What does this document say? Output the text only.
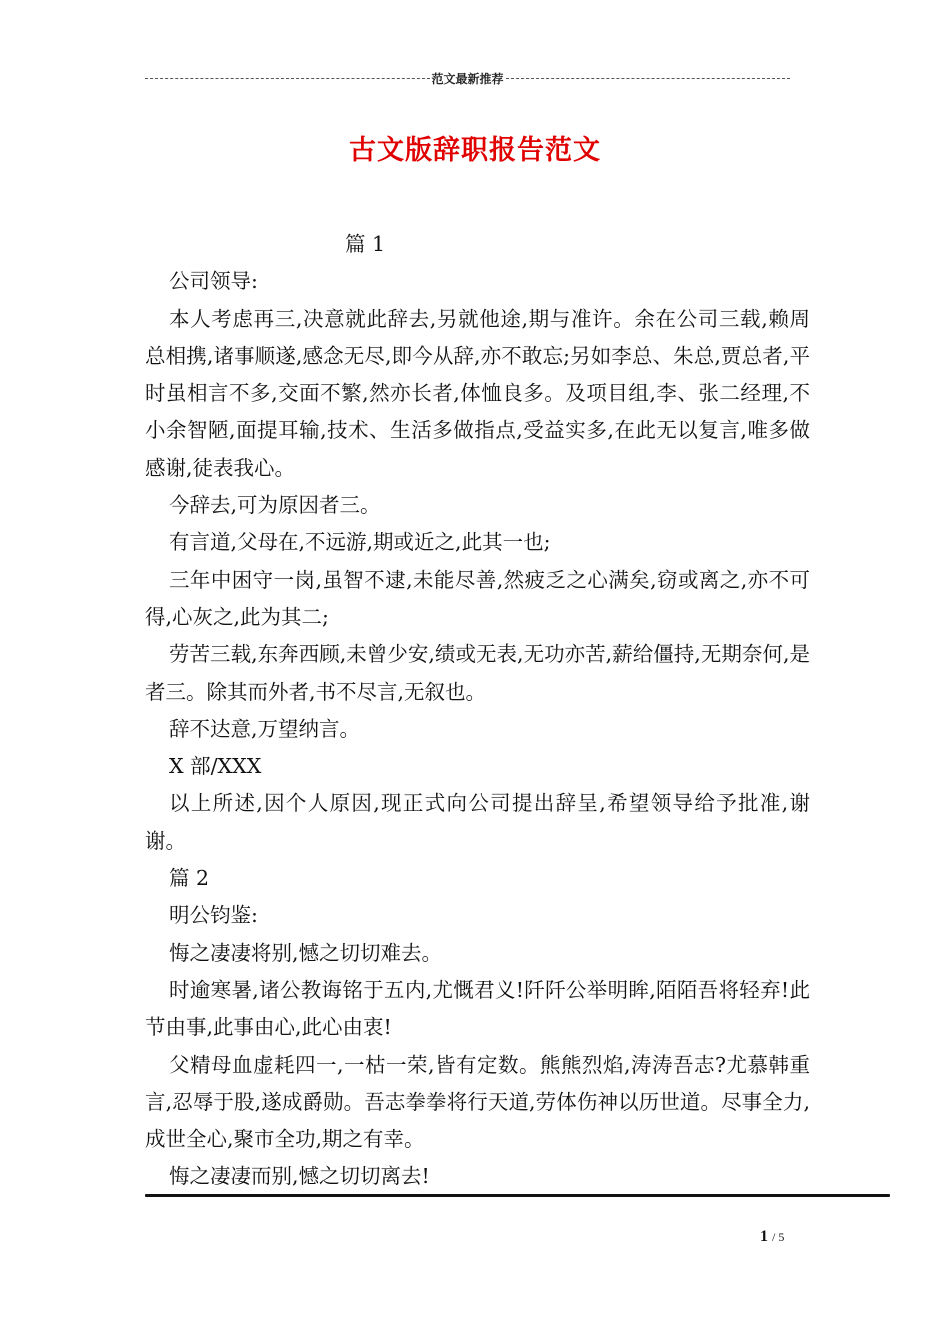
范文最新推荐
古文版辞职报告范文

篇 1

公司领导:

本人考虑再三,决意就此辞去,另就他途,期与准许。余在公司三载,赖周总相携,诸事顺遂,感念无尽,即今从辞,亦不敢忘;另如李总、朱总,贾总者,平时虽相言不多,交面不繁,然亦长者,体恤良多。及项目组,李、张二经理,不小余智陋,面提耳输,技术、生活多做指点,受益实多,在此无以复言,唯多做感谢,徒表我心。

今辞去,可为原因者三。

有言道,父母在,不远游,期或近之,此其一也;

三年中困守一岗,虽智不逮,未能尽善,然疲乏之心满矣,窃或离之,亦不可得,心灰之,此为其二;

劳苦三载,东奔西顾,未曾少安,绩或无表,无功亦苦,薪给僵持,无期奈何,是者三。除其而外者,书不尽言,无叙也。

辞不达意,万望纳言。

X 部/XXX

以上所述,因个人原因,现正式向公司提出辞呈,希望领导给予批准,谢谢。

篇 2

明公钧鉴:

悔之凄凄将别,憾之切切难去。

时逾寒暑,诸公教诲铭于五内,尤慨君义!阡阡公举明眸,陌陌吾将轻弃!此节由事,此事由心,此心由衷!

父精母血虚耗四一,一枯一荣,皆有定数。熊熊烈焰,涛涛吾志?尤慕韩重言,忍辱于股,遂成爵勋。吾志拳拳将行天道,劳体伤神以历世道。尽事全力,成世全心,聚市全功,期之有幸。

悔之凄凄而别,憾之切切离去!

1 / 5
